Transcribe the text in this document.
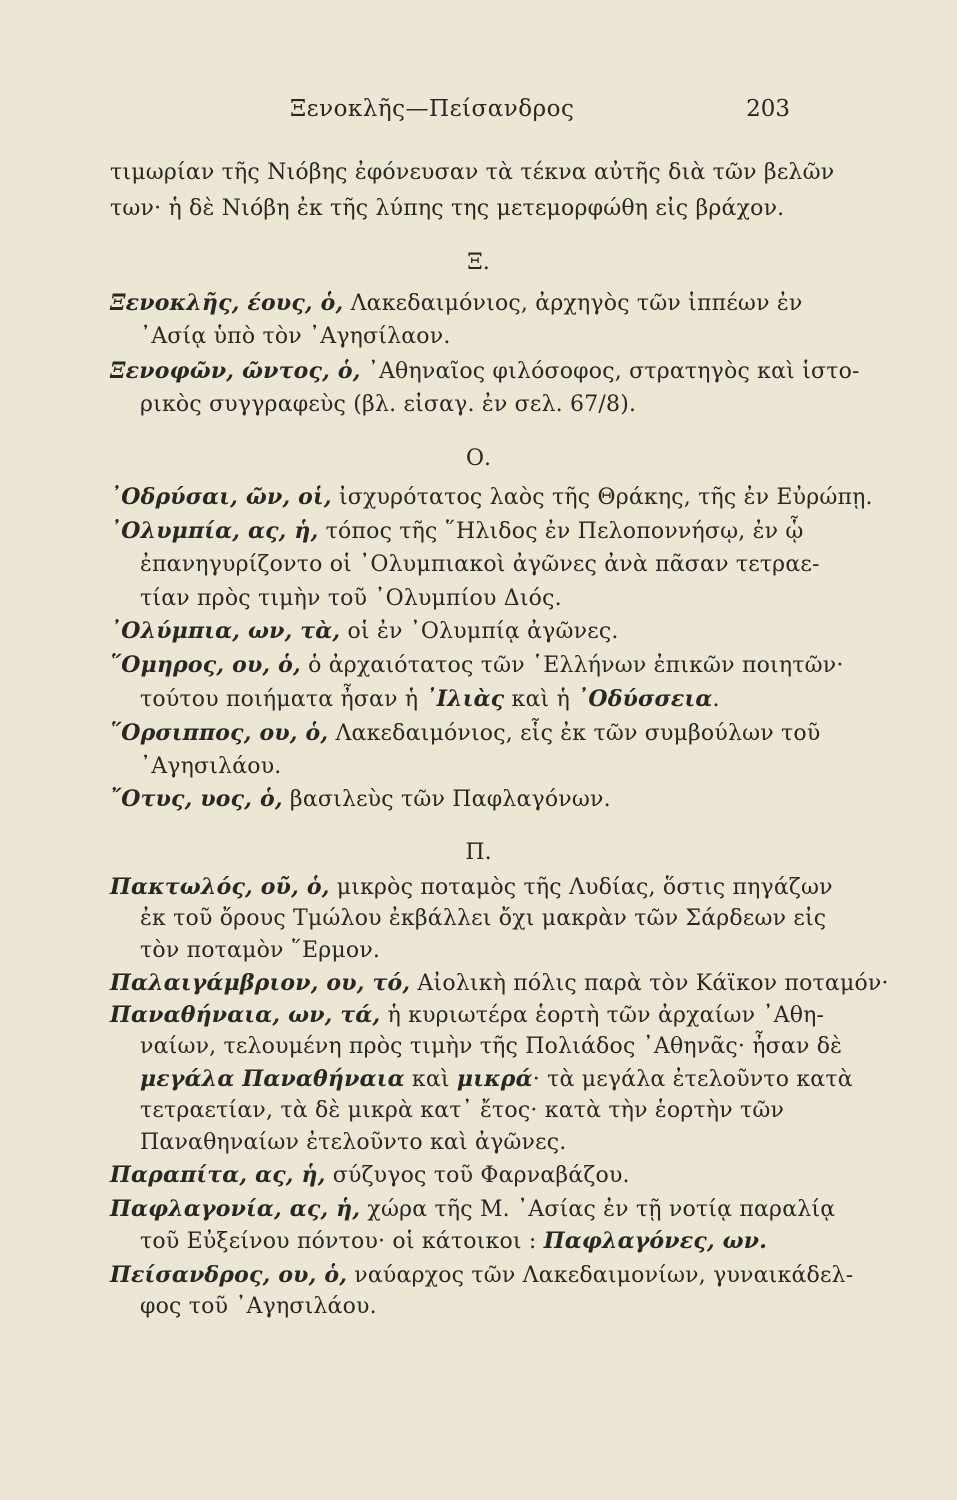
Ξενοκλῆς—Πείσανδρος	203
τιμωρίαν τῆς Νιόβης ἐφόνευσαν τὰ τέκνα αὐτῆς διὰ τῶν βελῶν
των· ἡ δὲ Νιόβη ἐκ τῆς λύπης της μετεμορφώθη εἰς βράχον.
Ξ.
Ξενοκλῆς, έους, ὁ, Λακεδαιμόνιος, ἀρχηγὸς τῶν ἱππέων ἐν
᾿Ασίᾳ ὑπὸ τὸν ᾿Αγησίλαον.
Ξενοφῶν, ῶντος, ὁ, ᾿Αθηναῖος φιλόσοφος, στρατηγὸς καὶ ἱστο-
ρικὸς συγγραφεὺς (βλ. εἰσαγ. ἐν σελ. 67/8).
Ο.
᾿Οδρύσαι, ῶν, οἱ, ἰσχυρότατος λαὸς τῆς Θράκης, τῆς ἐν Εὐρώπῃ.
᾿Ολυμπία, ας, ἡ, τόπος τῆς ῞Ηλιδος ἐν Πελοποννήσῳ, ἐν ᾧ
ἐπανηγυρίζοντο οἱ ᾿Ολυμπιακοὶ ἀγῶνες ἀνὰ πᾶσαν τετραε-
τίαν πρὸς τιμὴν τοῦ ᾿Ολυμπίου Διός.
᾿Ολύμπια, ων, τὰ, οἱ ἐν ᾿Ολυμπίᾳ ἀγῶνες.
῞Ομηρος, ου, ὁ, ὁ ἀρχαιότατος τῶν ῾Ελλήνων ἐπικῶν ποιητῶν·
τούτου ποιήματα ἦσαν ἡ ᾿Ιλιὰς καὶ ἡ ᾿Οδύσσεια.
῞Ορσιππος, ου, ὁ, Λακεδαιμόνιος, εἷς ἐκ τῶν συμβούλων τοῦ
᾿Αγησιλάου.
῎Οτυς, υος, ὁ, βασιλεὺς τῶν Παφλαγόνων.
Π.
Πακτωλός, οῦ, ὁ, μικρὸς ποταμὸς τῆς Λυδίας, ὅστις πηγάζων
ἐκ τοῦ ὄρους Τμώλου ἐκβάλλει ὄχι μακρὰν τῶν Σάρδεων εἰς
τὸν ποταμὸν ῞Ερμον.
Παλαιγάμβριον, ου, τό, Αἰολικὴ πόλις παρὰ τὸν Κάϊκον ποταμόν·
Παναθήναια, ων, τά, ἡ κυριωτέρα ἑορτὴ τῶν ἀρχαίων ᾿Αθη-
ναίων, τελουμένη πρὸς τιμὴν τῆς Πολιάδος ᾿Αθηνᾶς· ἦσαν δὲ
μεγάλα Παναθήναια καὶ μικρά· τὰ μεγάλα ἐτελοῦντο κατὰ
τετραετίαν, τὰ δὲ μικρὰ κατ᾿ ἔτος· κατὰ τὴν ἑορτὴν τῶν
Παναθηναίων ἐτελοῦντο καὶ ἀγῶνες.
Παραπίτα, ας, ἡ, σύζυγος τοῦ Φαρναβάζου.
Παφλαγονία, ας, ἡ, χώρα τῆς Μ. ᾿Ασίας ἐν τῇ νοτίᾳ παραλίᾳ
τοῦ Εὐξείνου πόντου· οἱ κάτοικοι : Παφλαγόνες, ων.
Πείσανδρος, ου, ὁ, ναύαρχος τῶν Λακεδαιμονίων, γυναικάδελ-
φος τοῦ ᾿Αγησιλάου.
